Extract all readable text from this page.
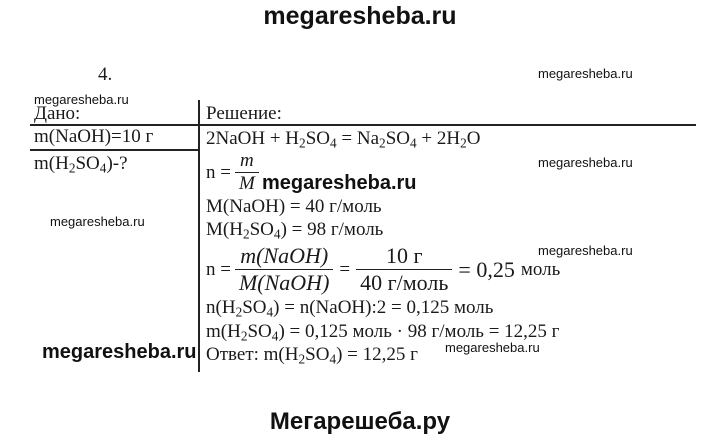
megaresheba.ru
4.	megaresheba.ru
megaresheba.ru
megaresheba.ru
megaresheba.ru
megaresheba.ru
megaresheba.ru
megaresheba.ru
megaresheba.ru
Дано:
m(NaOH)=10 г
$m(H_2SO_4)-$?
Решение:
2NaOH + $H_2SO_4 = Na_2SO_4 + 2H_2O$
$n = \frac{m}{M}$
M(NaOH) = 40 г/моль
$M(H_2SO_4) = 98$ г/моль
$n = \frac{\text{m(NaOH)}}{\text{M(NaOH)}} = \frac{10 г}{\text{40 г/моль}} = 0,25$ моль
$n(H_2SO_4)$ = n(NaOH):2 = 0,125 моль
$m(H_2SO_4) = 0,125$ моль · 98 г/моль = 12,25 г
Ответ: $m(H_2SO_4) = 12,25$ г
Мегарешеба.ру
